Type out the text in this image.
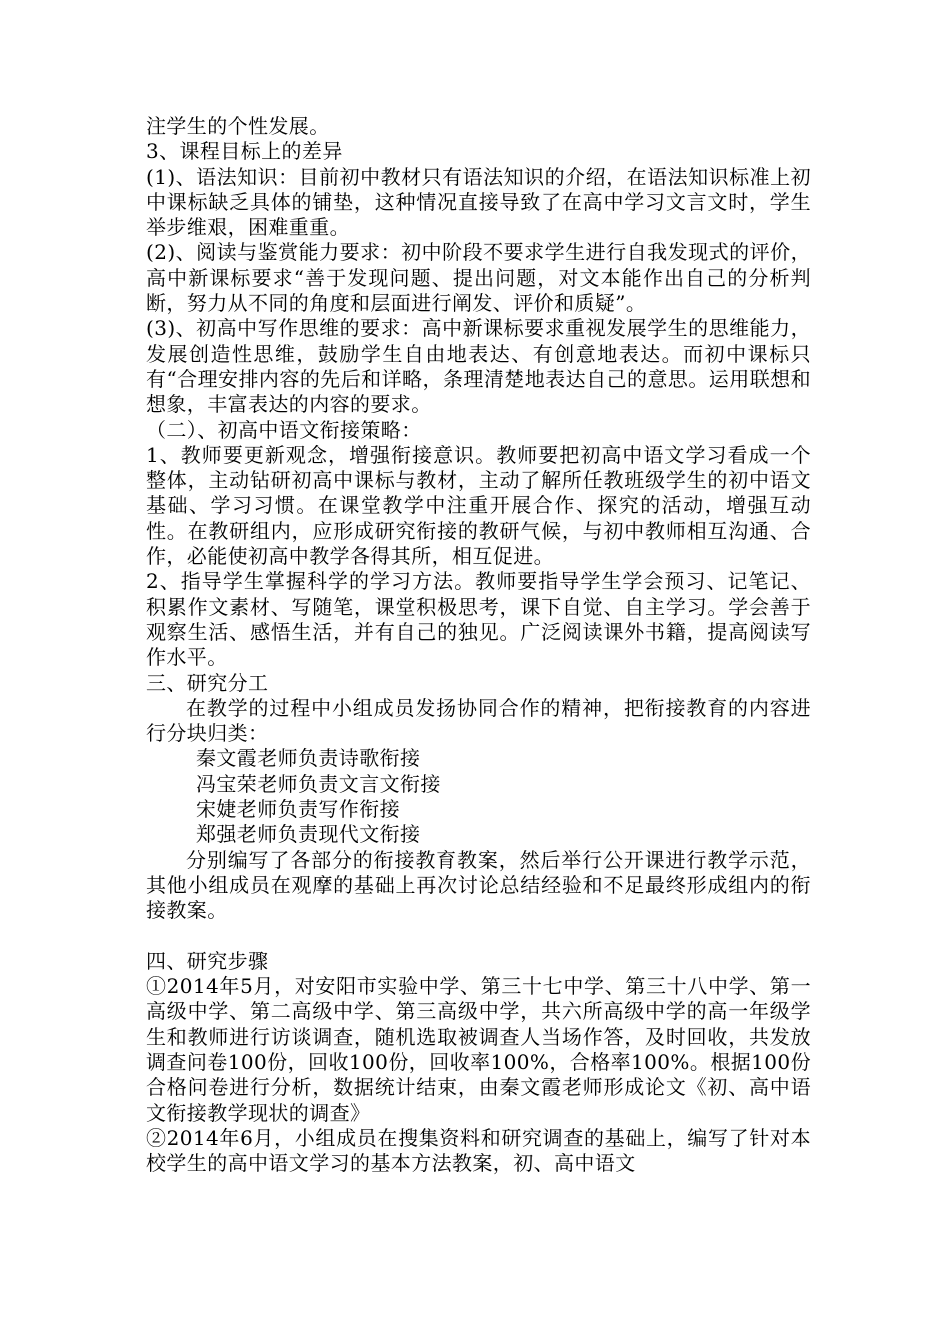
注学生的个性发展。

3、课程目标上的差异

(1)、语法知识：目前初中教材只有语法知识的介绍，在语法知识标准上初中课标缺乏具体的铺垫，这种情况直接导致了在高中学习文言文时，学生举步维艰，困难重重。

(2)、阅读与鉴赏能力要求：初中阶段不要求学生进行自我发现式的评价，高中新课标要求“善于发现问题、提出问题，对文本能作出自己的分析判断，努力从不同的角度和层面进行阐发、评价和质疑”。

(3)、初高中写作思维的要求：高中新课标要求重视发展学生的思维能力，发展创造性思维，鼓励学生自由地表达、有创意地表达。而初中课标只有“合理安排内容的先后和详略，条理清楚地表达自己的意思。运用联想和想象，丰富表达的内容的要求。

（二）、初高中语文衔接策略：

1、教师要更新观念，增强衔接意识。教师要把初高中语文学习看成一个整体，主动钻研初高中课标与教材，主动了解所任教班级学生的初中语文基础、学习习惯。在课堂教学中注重开展合作、探究的活动，增强互动性。在教研组内，应形成研究衔接的教研气候，与初中教师相互沟通、合作，必能使初高中教学各得其所，相互促进。

2、指导学生掌握科学的学习方法。教师要指导学生学会预习、记笔记、积累作文素材、写随笔，课堂积极思考，课下自觉、自主学习。学会善于观察生活、感悟生活，并有自己的独见。广泛阅读课外书籍，提高阅读写作水平。

三、研究分工

在教学的过程中小组成员发扬协同合作的精神，把衔接教育的内容进行分块归类：

秦文霞老师负责诗歌衔接

冯宝荣老师负责文言文衔接

宋婕老师负责写作衔接

郑强老师负责现代文衔接

分别编写了各部分的衔接教育教案，然后举行公开课进行教学示范，其他小组成员在观摩的基础上再次讨论总结经验和不足最终形成组内的衔接教案。

四、研究步骤

①2014年5月，对安阳市实验中学、第三十七中学、第三十八中学、第一高级中学、第二高级中学、第三高级中学，共六所高级中学的高一年级学生和教师进行访谈调查，随机选取被调查人当场作答，及时回收，共发放调查问卷100份，回收100份，回收率100%，合格率100%。根据100份合格问卷进行分析，数据统计结束，由秦文霞老师形成论文《初、高中语文衔接教学现状的调查》

②2014年6月，小组成员在搜集资料和研究调查的基础上，编写了针对本校学生的高中语文学习的基本方法教案，初、高中语文
